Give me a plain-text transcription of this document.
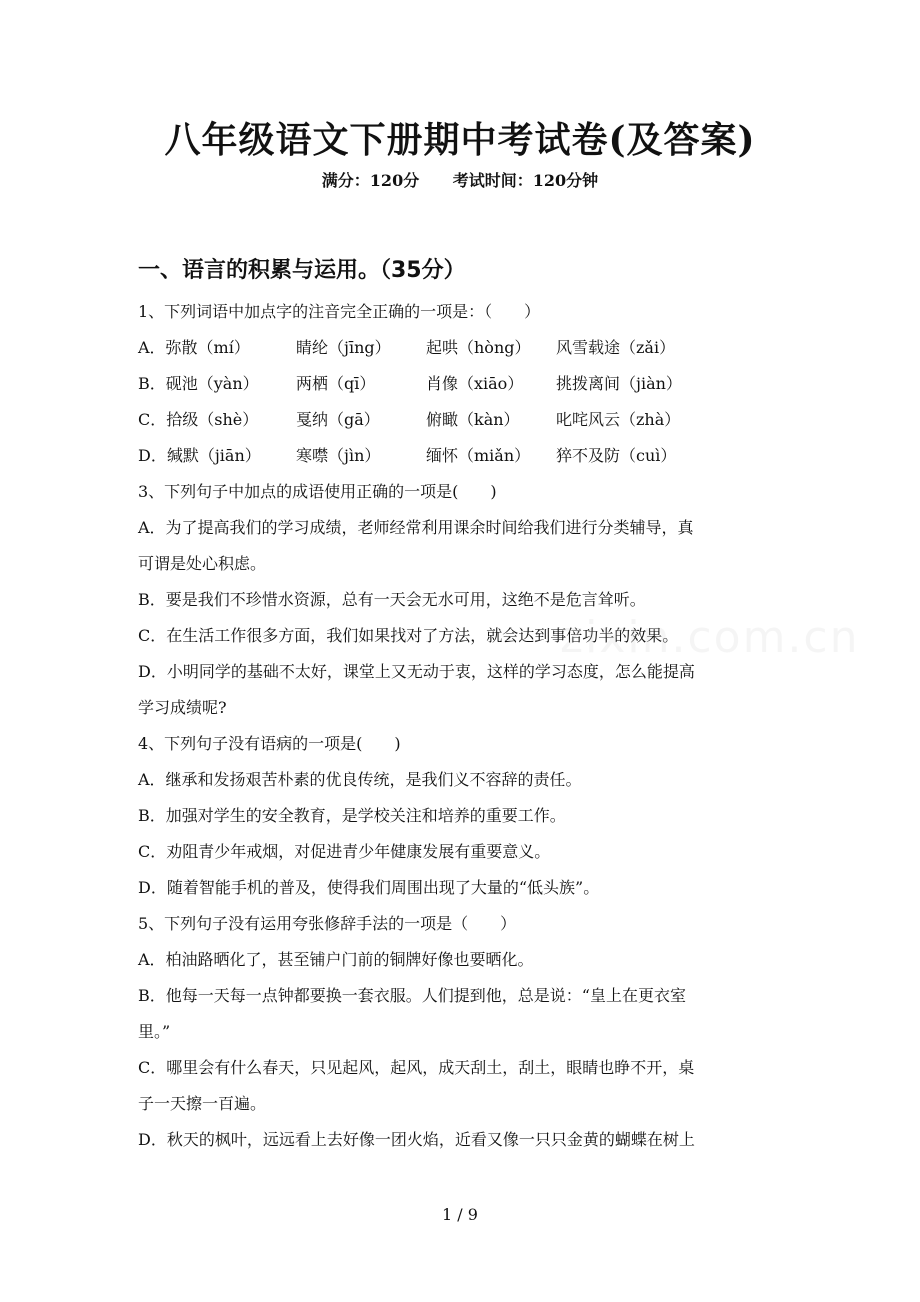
八年级语文下册期中考试卷(及答案)
满分：120分 考试时间：120分钟
一、语言的积累与运用。（35分）
1、下列词语中加点字的注音完全正确的一项是：（　　）
A．弥散（mí）	睛纶（jīng） 起哄（hòng） 风雪载途（zǎi）
B．砚池（yàn） 两栖（qī）	肖像（xiāo） 挑拨离间（jiàn）
C．拾级（shè） 戛纳（gā）	俯瞰（kàn） 叱咤风云（zhà）
D．缄默（jiān） 寒噤（jìn）	缅怀（miǎn） 猝不及防（cuì）
3、下列句子中加点的成语使用正确的一项是(　　)
A．为了提高我们的学习成绩，老师经常利用课余时间给我们进行分类辅导，真
可谓是处心积虑。
B．要是我们不珍惜水资源，总有一天会无水可用，这绝不是危言耸听。
C．在生活工作很多方面，我们如果找对了方法，就会达到事倍功半的效果。
D．小明同学的基础不太好，课堂上又无动于衷，这样的学习态度，怎么能提高
学习成绩呢?
4、下列句子没有语病的一项是(　　)
A．继承和发扬艰苦朴素的优良传统，是我们义不容辞的责任。
B．加强对学生的安全教育，是学校关注和培养的重要工作。
C．劝阻青少年戒烟，对促进青少年健康发展有重要意义。
D．随着智能手机的普及，使得我们周围出现了大量的“低头族”。
5、下列句子没有运用夸张修辞手法的一项是（　　）
A．柏油路晒化了，甚至铺户门前的铜牌好像也要晒化。
B．他每一天每一点钟都要换一套衣服。人们提到他，总是说：“皇上在更衣室
里。”
C．哪里会有什么春天，只见起风，起风，成天刮土，刮土，眼睛也睁不开，桌
子一天擦一百遍。
D．秋天的枫叶，远远看上去好像一团火焰，近看又像一只只金黄的蝴蝶在树上
zixin.com.cn
1 / 9
